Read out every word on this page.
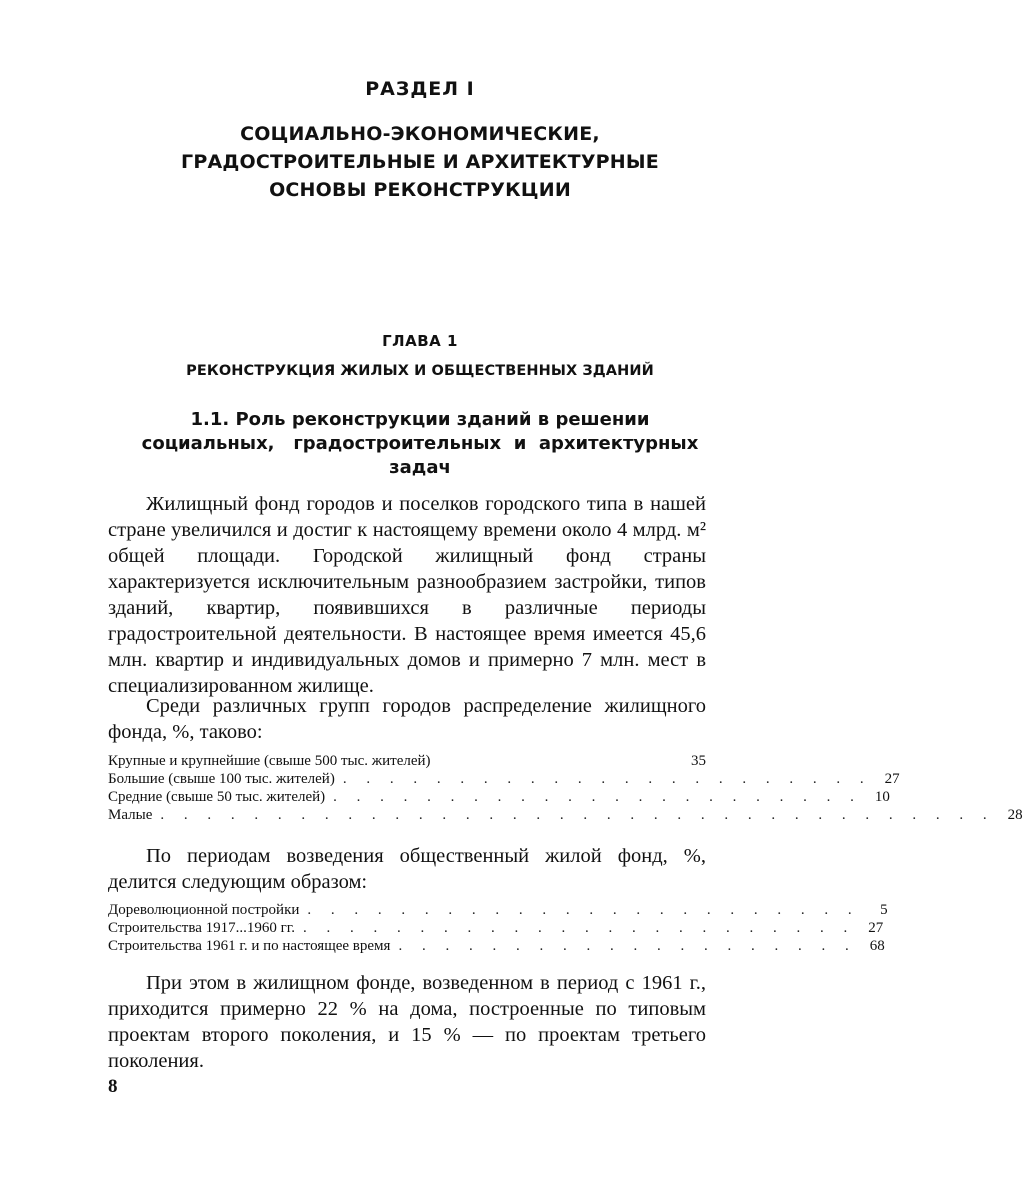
РАЗДЕЛ I
СОЦИАЛЬНО-ЭКОНОМИЧЕСКИЕ,
ГРАДОСТРОИТЕЛЬНЫЕ И АРХИТЕКТУРНЫЕ
ОСНОВЫ РЕКОНСТРУКЦИИ
ГЛАВА 1
РЕКОНСТРУКЦИЯ ЖИЛЫХ И ОБЩЕСТВЕННЫХ ЗДАНИЙ
1.1. Роль реконструкции зданий в решении
социальных,   градостроительных  и  архитектурных
задач

Жилищный фонд городов и поселков городского типа в нашей стране увеличился и достиг к настоящему времени около 4 млрд. м² общей площади. Городской жилищный фонд страны характеризуется исключительным разнообразием застройки, типов зданий, квартир, появившихся в различные периоды градостроительной деятельности. В настоящее время имеется 45,6 млн. квартир и индивидуальных домов и примерно 7 млн. мест в специализированном жилище.

Среди различных групп городов распределение жилищного фонда, %, таково:

Крупные и крупнейшие (свыше 500 тыс. жителей)	35
Большие (свыше 100 тыс. жителей) . . . . . . . . . . . . . . . . . . . . . . . 27
Средние (свыше 50 тыс. жителей) . . . . . . . . . . . . . . . . . . . . . . . 10
Малые . . . . . . . . . . . . . . . . . . . . . . . . . . . . . . . . . . . . 28

По периодам возведения общественный жилой фонд, %, делится следующим образом:

Дореволюционной постройки . . . . . . . . . . . . . . . . . . . . . . . .	5
Строительства 1917...1960 гг. . . . . . . . . . . . . . . . . . . . . . . . . 27
Строительства 1961 г. и по настоящее время . . . . . . . . . . . . . . . . . . . . 68

При этом в жилищном фонде, возведенном в период с 1961 г., приходится примерно 22 % на дома, построенные по типовым проектам второго поколения, и 15 % — по проектам третьего поколения.

8
